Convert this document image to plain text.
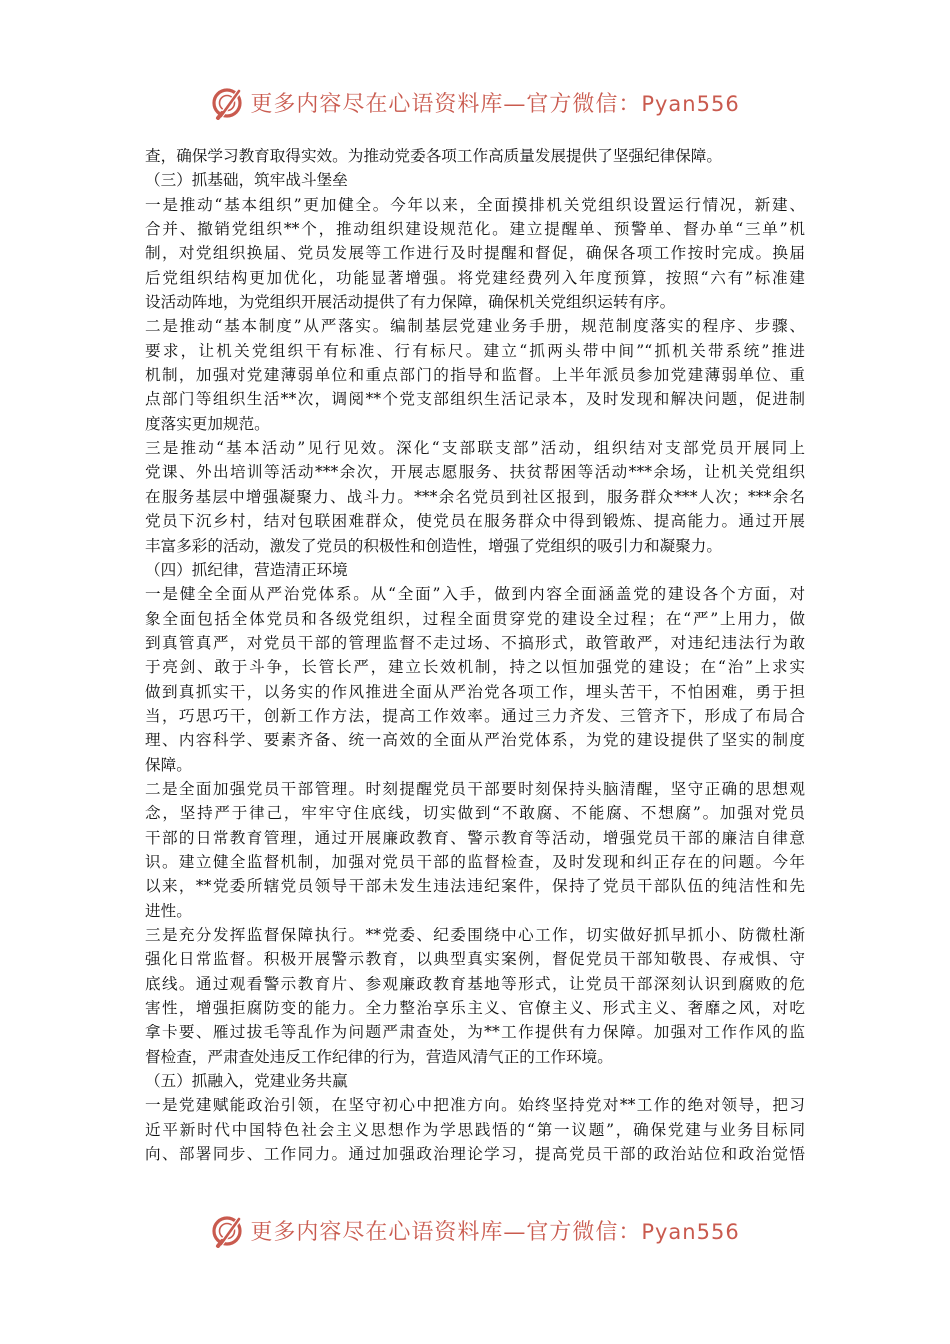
更多内容尽在心语资料库—官方微信：Pyan556
查，确保学习教育取得实效。为推动党委各项工作高质量发展提供了坚强纪律保障。
（三）抓基础，筑牢战斗堡垒
一是推动“基本组织”更加健全。今年以来，全面摸排机关党组织设置运行情况，新建、
合并、撤销党组织**个，推动组织建设规范化。建立提醒单、预警单、督办单“三单”机
制，对党组织换届、党员发展等工作进行及时提醒和督促，确保各项工作按时完成。换届
后党组织结构更加优化，功能显著增强。将党建经费列入年度预算，按照“六有”标准建
设活动阵地，为党组织开展活动提供了有力保障，确保机关党组织运转有序。
二是推动“基本制度”从严落实。编制基层党建业务手册，规范制度落实的程序、步骤、
要求，让机关党组织干有标准、行有标尺。建立“抓两头带中间”“抓机关带系统”推进
机制，加强对党建薄弱单位和重点部门的指导和监督。上半年派员参加党建薄弱单位、重
点部门等组织生活**次，调阅**个党支部组织生活记录本，及时发现和解决问题，促进制
度落实更加规范。
三是推动“基本活动”见行见效。深化“支部联支部”活动，组织结对支部党员开展同上
党课、外出培训等活动***余次，开展志愿服务、扶贫帮困等活动***余场，让机关党组织
在服务基层中增强凝聚力、战斗力。***余名党员到社区报到，服务群众***人次；***余名
党员下沉乡村，结对包联困难群众，使党员在服务群众中得到锻炼、提高能力。通过开展
丰富多彩的活动，激发了党员的积极性和创造性，增强了党组织的吸引力和凝聚力。
（四）抓纪律，营造清正环境
一是健全全面从严治党体系。从“全面”入手，做到内容全面涵盖党的建设各个方面，对
象全面包括全体党员和各级党组织，过程全面贯穿党的建设全过程；在“严”上用力，做
到真管真严，对党员干部的管理监督不走过场、不搞形式，敢管敢严，对违纪违法行为敢
于亮剑、敢于斗争，长管长严，建立长效机制，持之以恒加强党的建设；在“治”上求实
做到真抓实干，以务实的作风推进全面从严治党各项工作，埋头苦干，不怕困难，勇于担
当，巧思巧干，创新工作方法，提高工作效率。通过三力齐发、三管齐下，形成了布局合
理、内容科学、要素齐备、统一高效的全面从严治党体系，为党的建设提供了坚实的制度
保障。
二是全面加强党员干部管理。时刻提醒党员干部要时刻保持头脑清醒，坚守正确的思想观
念，坚持严于律己，牢牢守住底线，切实做到“不敢腐、不能腐、不想腐”。加强对党员
干部的日常教育管理，通过开展廉政教育、警示教育等活动，增强党员干部的廉洁自律意
识。建立健全监督机制，加强对党员干部的监督检查，及时发现和纠正存在的问题。今年
以来，**党委所辖党员领导干部未发生违法违纪案件，保持了党员干部队伍的纯洁性和先
进性。
三是充分发挥监督保障执行。**党委、纪委围绕中心工作，切实做好抓早抓小、防微杜渐
强化日常监督。积极开展警示教育，以典型真实案例，督促党员干部知敬畏、存戒惧、守
底线。通过观看警示教育片、参观廉政教育基地等形式，让党员干部深刻认识到腐败的危
害性，增强拒腐防变的能力。全力整治享乐主义、官僚主义、形式主义、奢靡之风，对吃
拿卡要、雁过拔毛等乱作为问题严肃查处，为**工作提供有力保障。加强对工作作风的监
督检查，严肃查处违反工作纪律的行为，营造风清气正的工作环境。
（五）抓融入，党建业务共赢
一是党建赋能政治引领，在坚守初心中把准方向。始终坚持党对**工作的绝对领导，把习
近平新时代中国特色社会主义思想作为学思践悟的“第一议题”，确保党建与业务目标同
向、部署同步、工作同力。通过加强政治理论学习，提高党员干部的政治站位和政治觉悟
更多内容尽在心语资料库—官方微信：Pyan556
